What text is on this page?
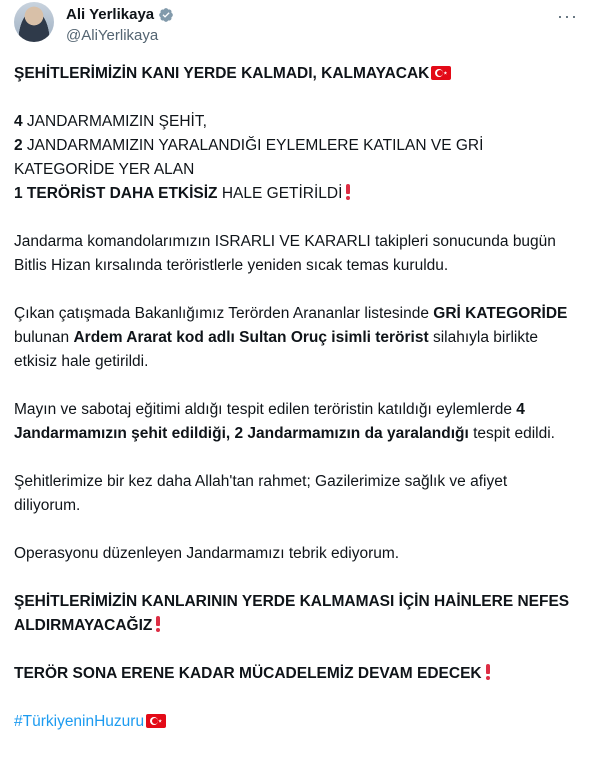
Ali Yerlikaya
@AliYerlikaya
···

ŞEHİTLERİMİZİN KANI YERDE KALMADI, KALMAYACAK

4 JANDARMAMIZIN ŞEHİT,

2 JANDARMAMIZIN YARALANDIĞI EYLEMLERE KATILAN VE GRİ KATEGORİDE YER ALAN

1 TERÖRİST DAHA ETKİSİZ HALE GETİRİLDİ

Jandarma komandolarımızın ISRARLI VE KARARLI takipleri sonucunda bugün Bitlis Hizan kırsalında teröristlerle yeniden sıcak temas kuruldu.

Çıkan çatışmada Bakanlığımız Terörden Arananlar listesinde GRİ KATEGORİDE bulunan Ardem Ararat kod adlı Sultan Oruç isimli terörist silahıyla birlikte etkisiz hale getirildi.

Mayın ve sabotaj eğitimi aldığı tespit edilen teröristin katıldığı eylemlerde 4 Jandarmamızın şehit edildiği, 2 Jandarmamızın da yaralandığı tespit edildi.

Şehitlerimize bir kez daha Allah'tan rahmet; Gazilerimize sağlık ve afiyet diliyorum.

Operasyonu düzenleyen Jandarmamızı tebrik ediyorum.

ŞEHİTLERİMİZİN KANLARININ YERDE KALMAMASI İÇİN HAİNLERE NEFES ALDIRMAYACAĞIZ

TERÖR SONA ERENE KADAR MÜCADELEMİZ DEVAM EDECEK

#TürkiyeninHuzuru
